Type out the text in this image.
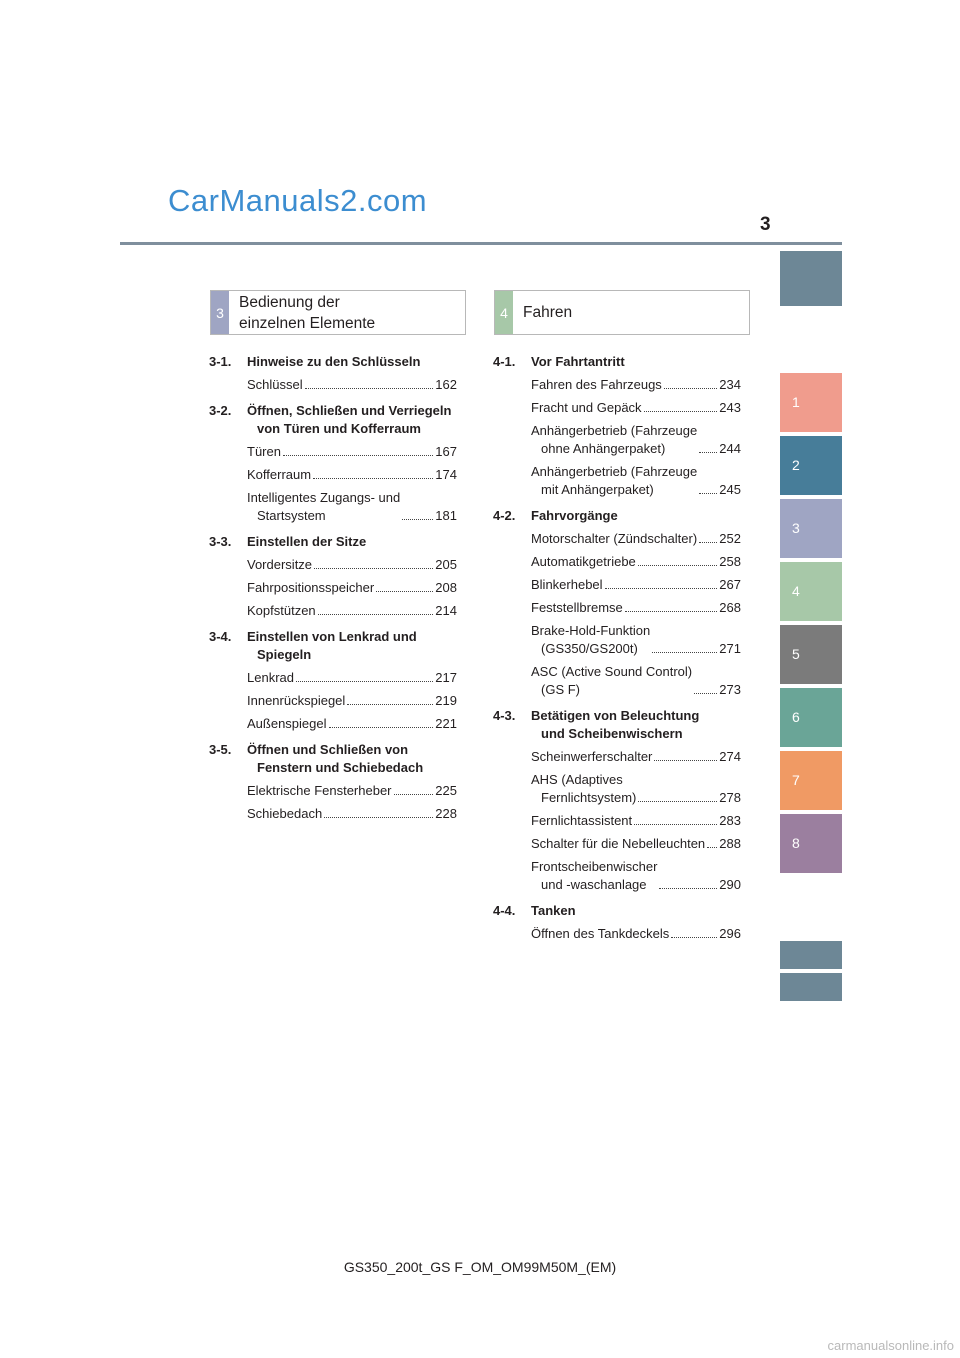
CarManuals2.com
3
1
2
3
4
5
6
7
8
3
Bedienung der
einzelnen Elemente
4 Fahren
3-1.	Hinweise zu den Schlüsseln
Schlüssel	162
3-2.	Öffnen, Schließen und Verriegeln
von Türen und Kofferraum
Türen	167
Kofferraum	174
Intelligentes Zugangs- und
Startsystem	181
3-3.	Einstellen der Sitze
Vordersitze	205
Fahrpositionsspeicher	208
Kopfstützen	214
3-4.	Einstellen von Lenkrad und
Spiegeln
Lenkrad	217
Innenrückspiegel	219
Außenspiegel	221
3-5.	Öffnen und Schließen von
Fenstern und Schiebedach
Elektrische Fensterheber	225
Schiebedach	228
4-1.	Vor Fahrtantritt
Fahren des Fahrzeugs	234
Fracht und Gepäck	243
Anhängerbetrieb (Fahrzeuge
ohne Anhängerpaket)	244
Anhängerbetrieb (Fahrzeuge
mit Anhängerpaket)	245
4-2.	Fahrvorgänge
Motorschalter (Zündschalter) 252
Automatikgetriebe	258
Blinkerhebel	267
Feststellbremse	268
Brake-Hold-Funktion
(GS350/GS200t)	271
ASC (Active Sound Control)
(GS F)	273
4-3.	Betätigen von Beleuchtung
und Scheibenwischern
Scheinwerferschalter	274
AHS (Adaptives
Fernlichtsystem)	278
Fernlichtassistent	283
Schalter für die Nebelleuchten 288
Frontscheibenwischer
und -waschanlage	290
4-4.	Tanken
Öffnen des Tankdeckels	296
GS350_200t_GS F_OM_OM99M50M_(EM)
carmanualsonline.info
